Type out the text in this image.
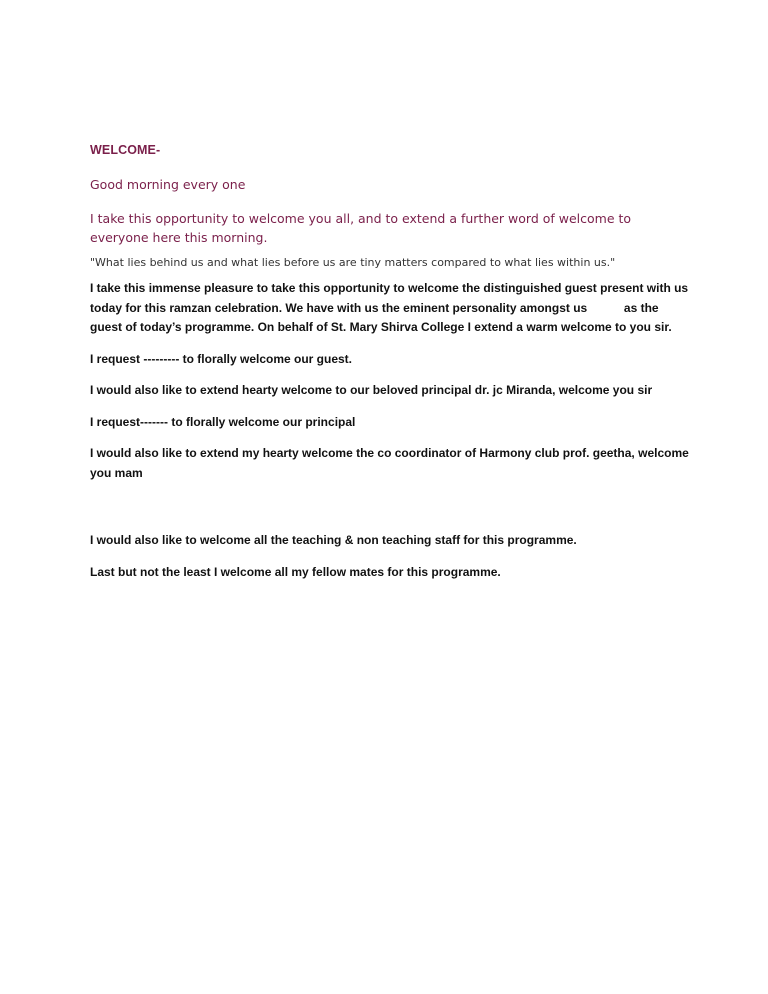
WELCOME-

Good morning every one

I take this opportunity to welcome you all, and to extend a further word of welcome to everyone here this morning.

"What lies behind us and what lies before us are tiny matters compared to what lies within us."

I take this immense pleasure to take this opportunity to welcome the distinguished guest present with us today for this ramzan celebration. We have with us the eminent personality amongst us           as the guest of today’s programme. On behalf of St. Mary Shirva College I extend a warm welcome to you sir.

I request --------- to florally welcome our guest.

I would also like to extend hearty welcome to our beloved principal dr. jc Miranda, welcome you sir

I request------- to florally welcome our principal

I would also like to extend my hearty welcome the co coordinator of Harmony club prof. geetha, welcome you mam

I would also like to welcome all the teaching & non teaching staff for this programme.

Last but not the least I welcome all my fellow mates for this programme.
